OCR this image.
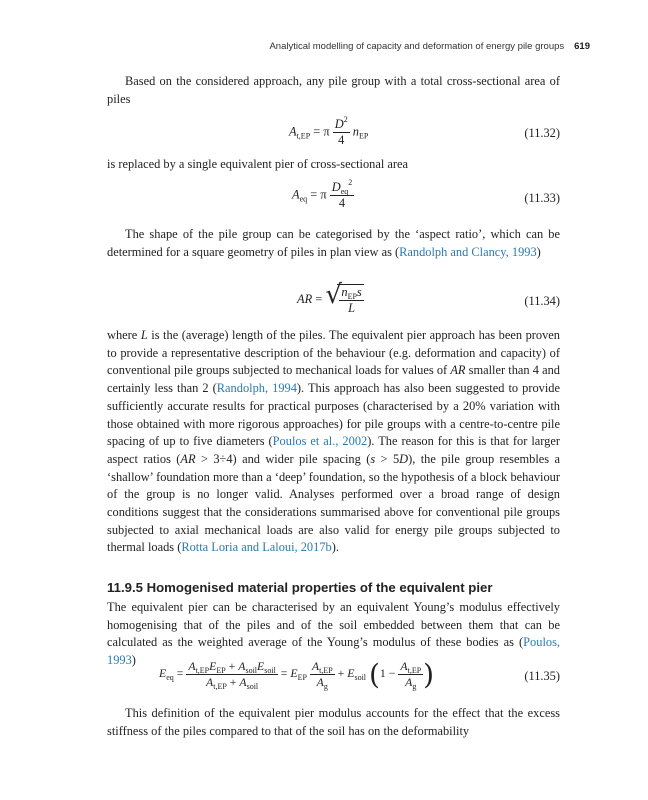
Analytical modelling of capacity and deformation of energy pile groups 619

Based on the considered approach, any pile group with a total cross-sectional area of piles

$A_{t,EP} = \pi \frac{D^2}{4} n_{EP}$	(11.32)

is replaced by a single equivalent pier of cross-sectional area

$A_{eq} = \pi \frac{D_{eq}^2}{4}$	(11.33)

The shape of the pile group can be categorised by the ‘aspect ratio’, which can be determined for a square geometry of piles in plan view as (Randolph and Clancy, 1993)

AR = √
$\frac{n_{EP}s}{L}$	(11.34)

where L is the (average) length of the piles. The equivalent pier approach has been proven to provide a representative description of the behaviour (e.g. deformation and capacity) of conventional pile groups subjected to mechanical loads for values of AR smaller than 4 and certainly less than 2 (Randolph, 1994). This approach has also been suggested to provide sufficiently accurate results for practical purposes (characterised by a 20% variation with those obtained with more rigorous approaches) for pile groups with a centre-to-centre pile spacing of up to five diameters (Poulos et al., 2002). The reason for this is that for larger aspect ratios (AR > 3÷4) and wider pile spacing (s > 5D), the pile group resembles a ‘shallow’ foundation more than a ‘deep’ foundation, so the hypothesis of a block behaviour of the group is no longer valid. Analyses performed over a broad range of design conditions suggest that the considerations summarised above for conventional pile groups subjected to axial mechanical loads are also valid for energy pile groups subjected to thermal loads (Rotta Loria and Laloui, 2017b).

11.9.5 Homogenised material properties of the equivalent pier

The equivalent pier can be characterised by an equivalent Young’s modulus effectively homogenising that of the piles and of the soil embedded between them that can be calculated as the weighted average of the Young’s modulus of these bodies as (Poulos, 1993)

$E_{eq} = \frac{A_{t,EP}E_{EP} + A_{soil}E_{soil}}{A_{t,EP} + A_{soil}} = E_{EP} \frac{A_{t,EP}}{A_g} + E_{soil}$ ($1 - \frac{A_{t,EP}}{A_g}$ )	(11.35)

This definition of the equivalent pier modulus accounts for the effect that the excess stiffness of the piles compared to that of the soil has on the deformability
